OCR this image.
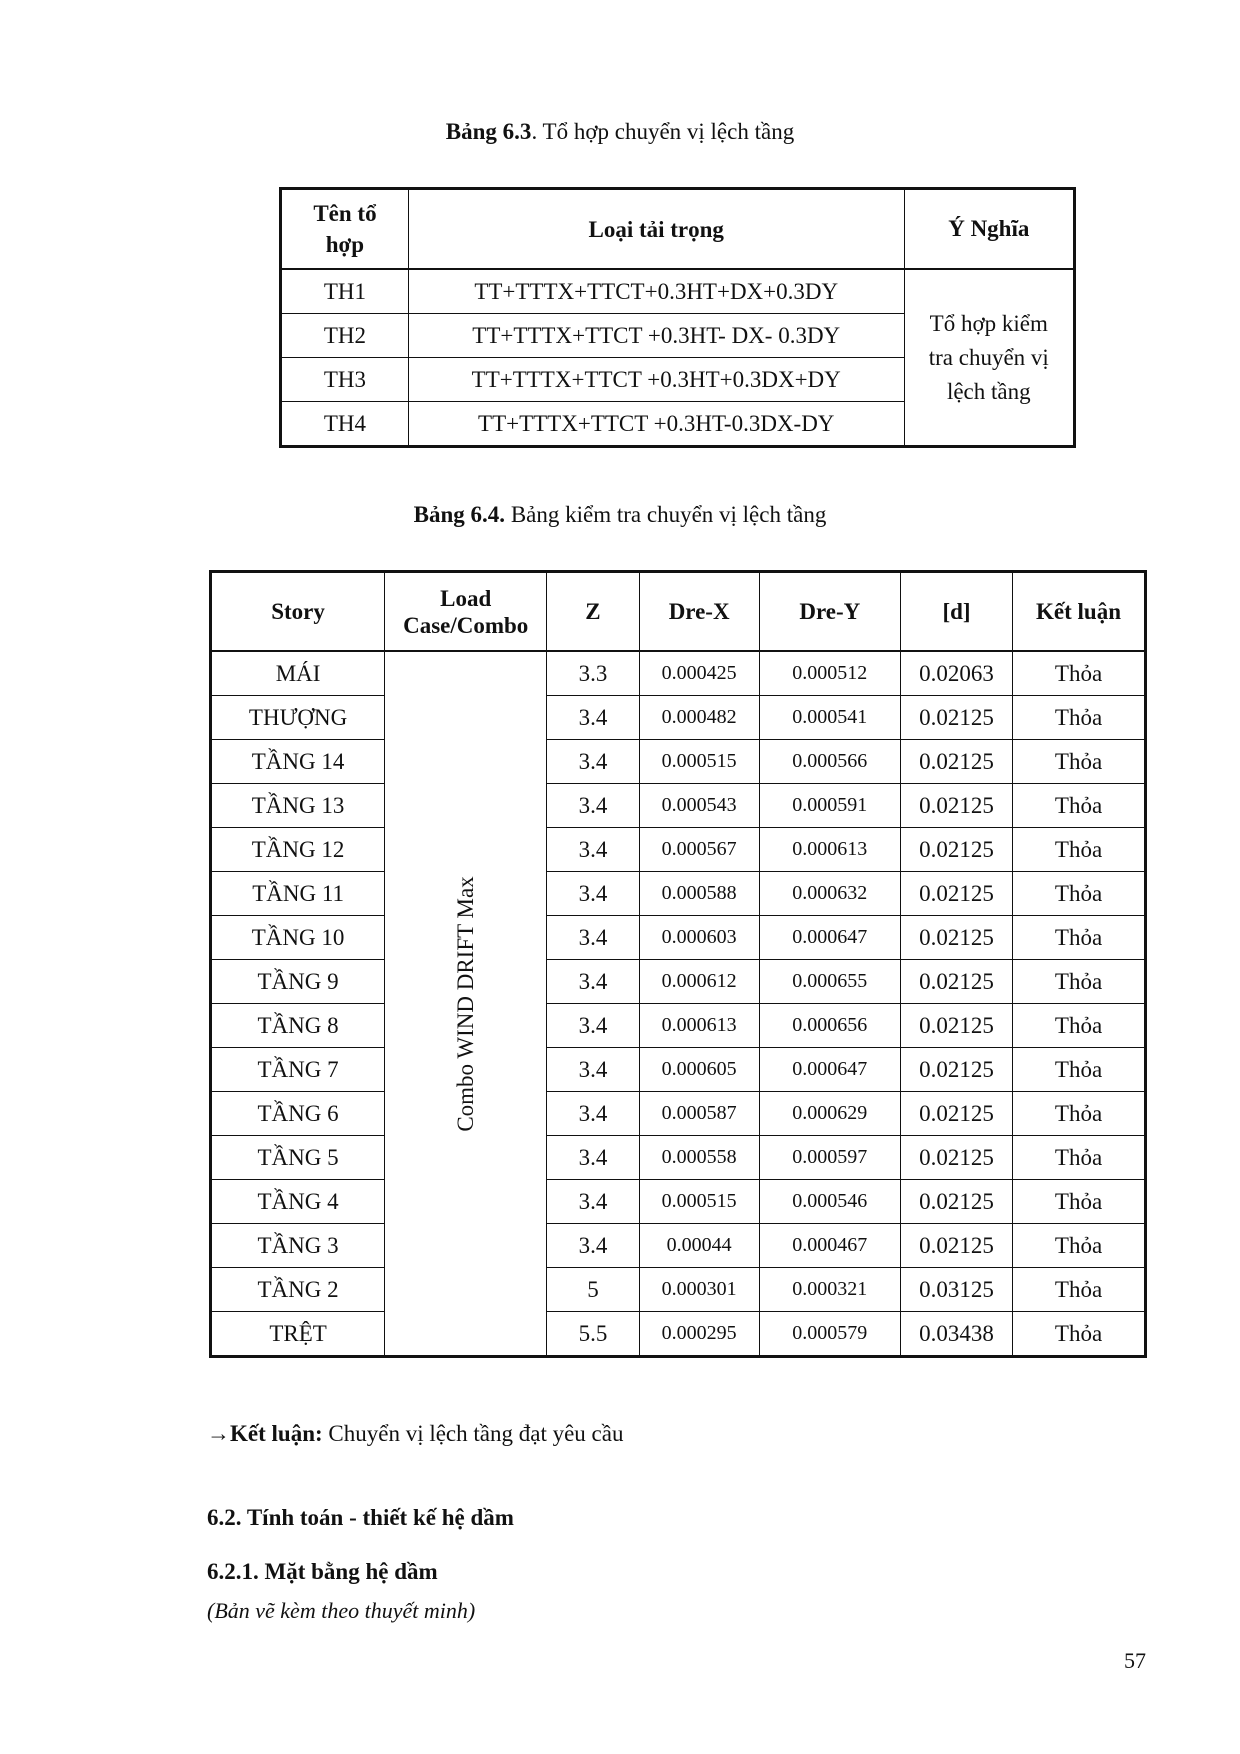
Bảng 6.3. Tổ hợp chuyển vị lệch tầng
Tên tổ
hợp	Loại tải trọng	Ý Nghĩa
TH1	TT+TTTX+TTCT+0.3HT+DX+0.3DY	Tổ hợp kiểm
tra chuyển vị
lệch tầng
TH2	TT+TTTX+TTCT +0.3HT- DX- 0.3DY	
TH3	TT+TTTX+TTCT +0.3HT+0.3DX+DY	
TH4	TT+TTTX+TTCT +0.3HT-0.3DX-DY	
Bảng 6.4. Bảng kiểm tra chuyển vị lệch tầng
Story	Load
Case/Combo	Z	Dre-X	Dre-Y	[d]	Kết luận
MÁI	Combo WIND DRIFT Max	3.3	0.000425	0.000512	0.02063	Thỏa
THƯỢNG		3.4	0.000482	0.000541	0.02125	Thỏa
TẦNG 14		3.4	0.000515	0.000566	0.02125	Thỏa
TẦNG 13		3.4	0.000543	0.000591	0.02125	Thỏa
TẦNG 12		3.4	0.000567	0.000613	0.02125	Thỏa
TẦNG 11		3.4	0.000588	0.000632	0.02125	Thỏa
TẦNG 10		3.4	0.000603	0.000647	0.02125	Thỏa
TẦNG 9		3.4	0.000612	0.000655	0.02125	Thỏa
TẦNG 8		3.4	0.000613	0.000656	0.02125	Thỏa
TẦNG 7		3.4	0.000605	0.000647	0.02125	Thỏa
TẦNG 6		3.4	0.000587	0.000629	0.02125	Thỏa
TẦNG 5		3.4	0.000558	0.000597	0.02125	Thỏa
TẦNG 4		3.4	0.000515	0.000546	0.02125	Thỏa
TẦNG 3		3.4	0.00044	0.000467	0.02125	Thỏa
TẦNG 2		5	0.000301	0.000321	0.03125	Thỏa
TRỆT		5.5	0.000295	0.000579	0.03438	Thỏa
→Kết luận: Chuyển vị lệch tầng đạt yêu cầu
6.2. Tính toán - thiết kế hệ dầm
6.2.1. Mặt bằng hệ dầm
(Bản vẽ kèm theo thuyết minh)
57
